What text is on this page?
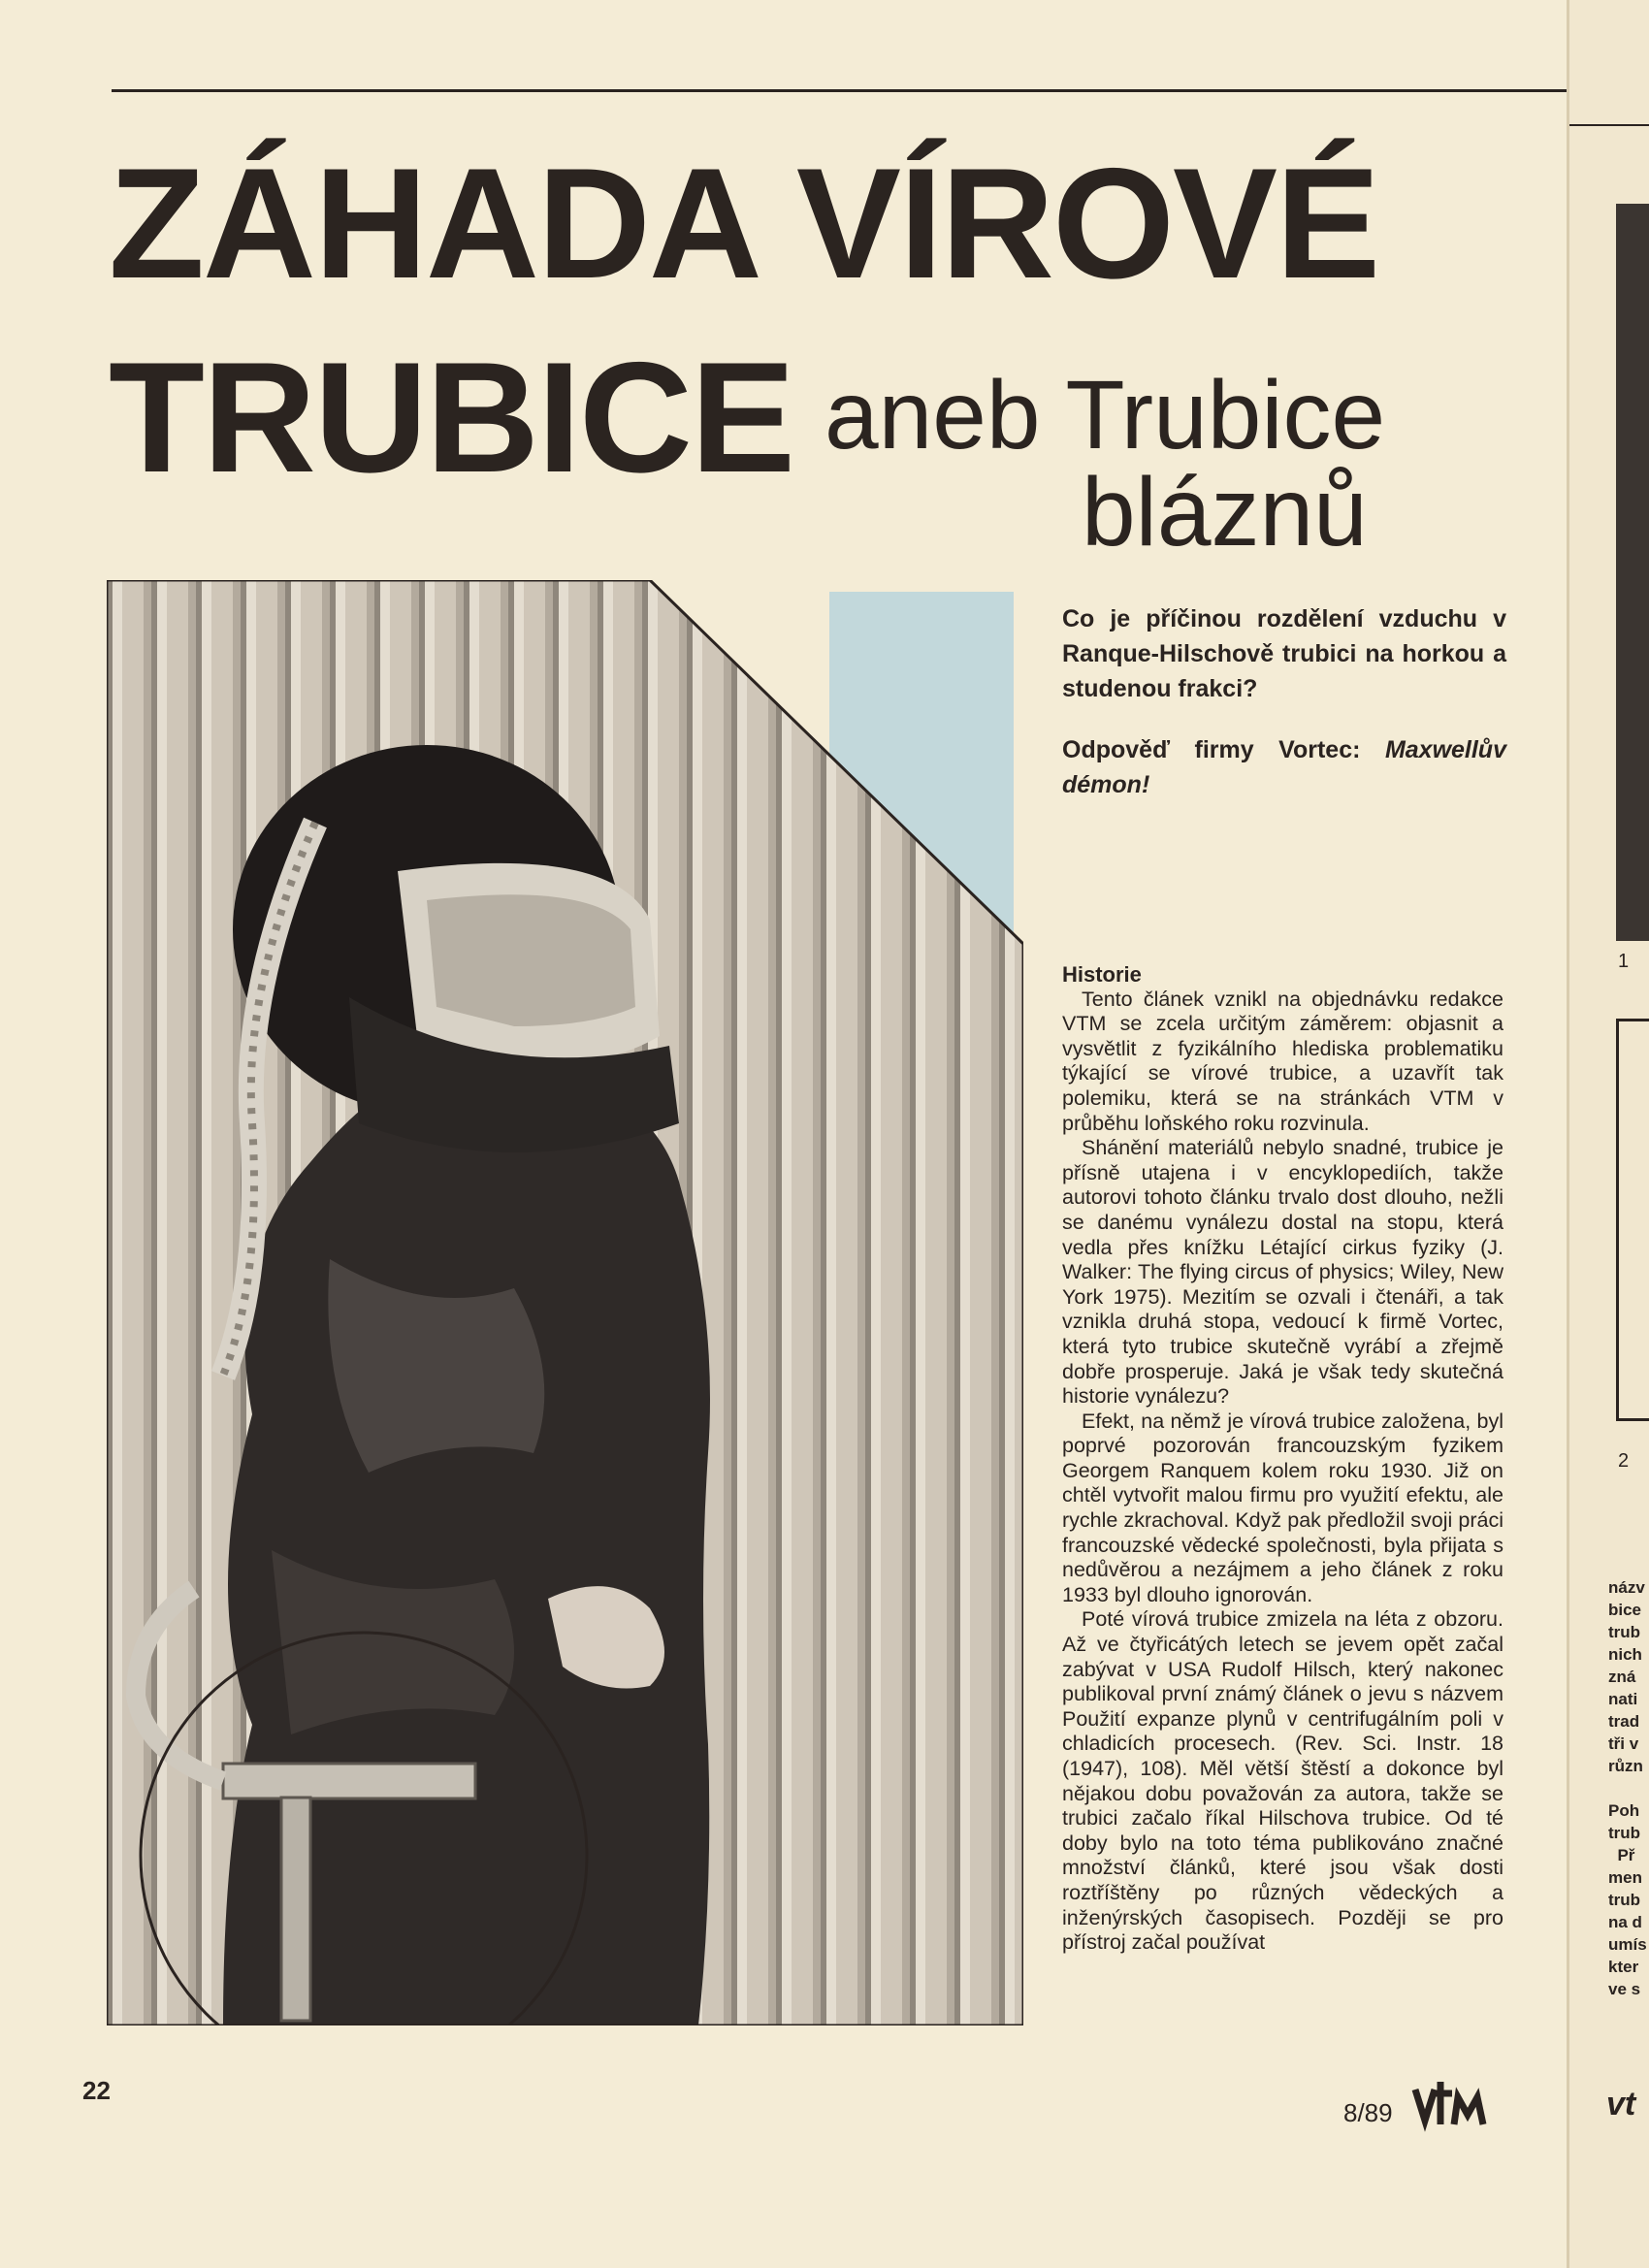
ZÁHADA VÍROVÉ
TRUBICE aneb Trubice
bláznů
Co je příčinou rozdělení vzduchu v Ranque-Hilschově trubici na horkou a studenou frakci?
Odpověď firmy Vortec: Maxwellův démon!
Historie

Tento článek vznikl na objednávku redakce VTM se zcela určitým záměrem: objasnit a vysvětlit z fyzikálního hlediska problematiku týkající se vírové trubice, a uzavřít tak polemiku, která se na stránkách VTM v průběhu loňského roku rozvinula.

Shánění materiálů nebylo snadné, trubice je přísně utajena i v encyklopediích, takže autorovi tohoto článku trvalo dost dlouho, nežli se danému vynálezu dostal na stopu, která vedla přes knížku Létající cirkus fyziky (J. Walker: The flying circus of physics; Wiley, New York 1975). Mezitím se ozvali i čtenáři, a tak vznikla druhá stopa, vedoucí k firmě Vortec, která tyto trubice skutečně vyrábí a zřejmě dobře prosperuje. Jaká je však tedy skutečná historie vynálezu?

Efekt, na němž je vírová trubice založena, byl poprvé pozorován francouzským fyzikem Georgem Ranquem kolem roku 1930. Již on chtěl vytvořit malou firmu pro využití efektu, ale rychle zkrachoval. Když pak předložil svoji práci francouzské vědecké společnosti, byla přijata s nedůvěrou a nezájmem a jeho článek z roku 1933 byl dlouho ignorován.

Poté vírová trubice zmizela na léta z obzoru. Až ve čtyřicátých letech se jevem opět začal zabývat v USA Rudolf Hilsch, který nakonec publikoval první známý článek o jevu s názvem Použití expanze plynů v centrifugálním poli v chladicích procesech. (Rev. Sci. Instr. 18 (1947), 108). Měl větší štěstí a dokonce byl nějakou dobu považován za autora, takže se trubici začalo říkal Hilschova trubice. Od té doby bylo na toto téma publikováno značné množství článků, které jsou však dosti roztříštěny po různých vědeckých a inženýrských časopisech. Později se pro přístroj začal používat

22
8/89
1
2
názv
bice
trub
nich
zná
nati
trad
tři v
různ

Poh
trub
Př
men
trub
na d
umís
kter
ve s
vt
